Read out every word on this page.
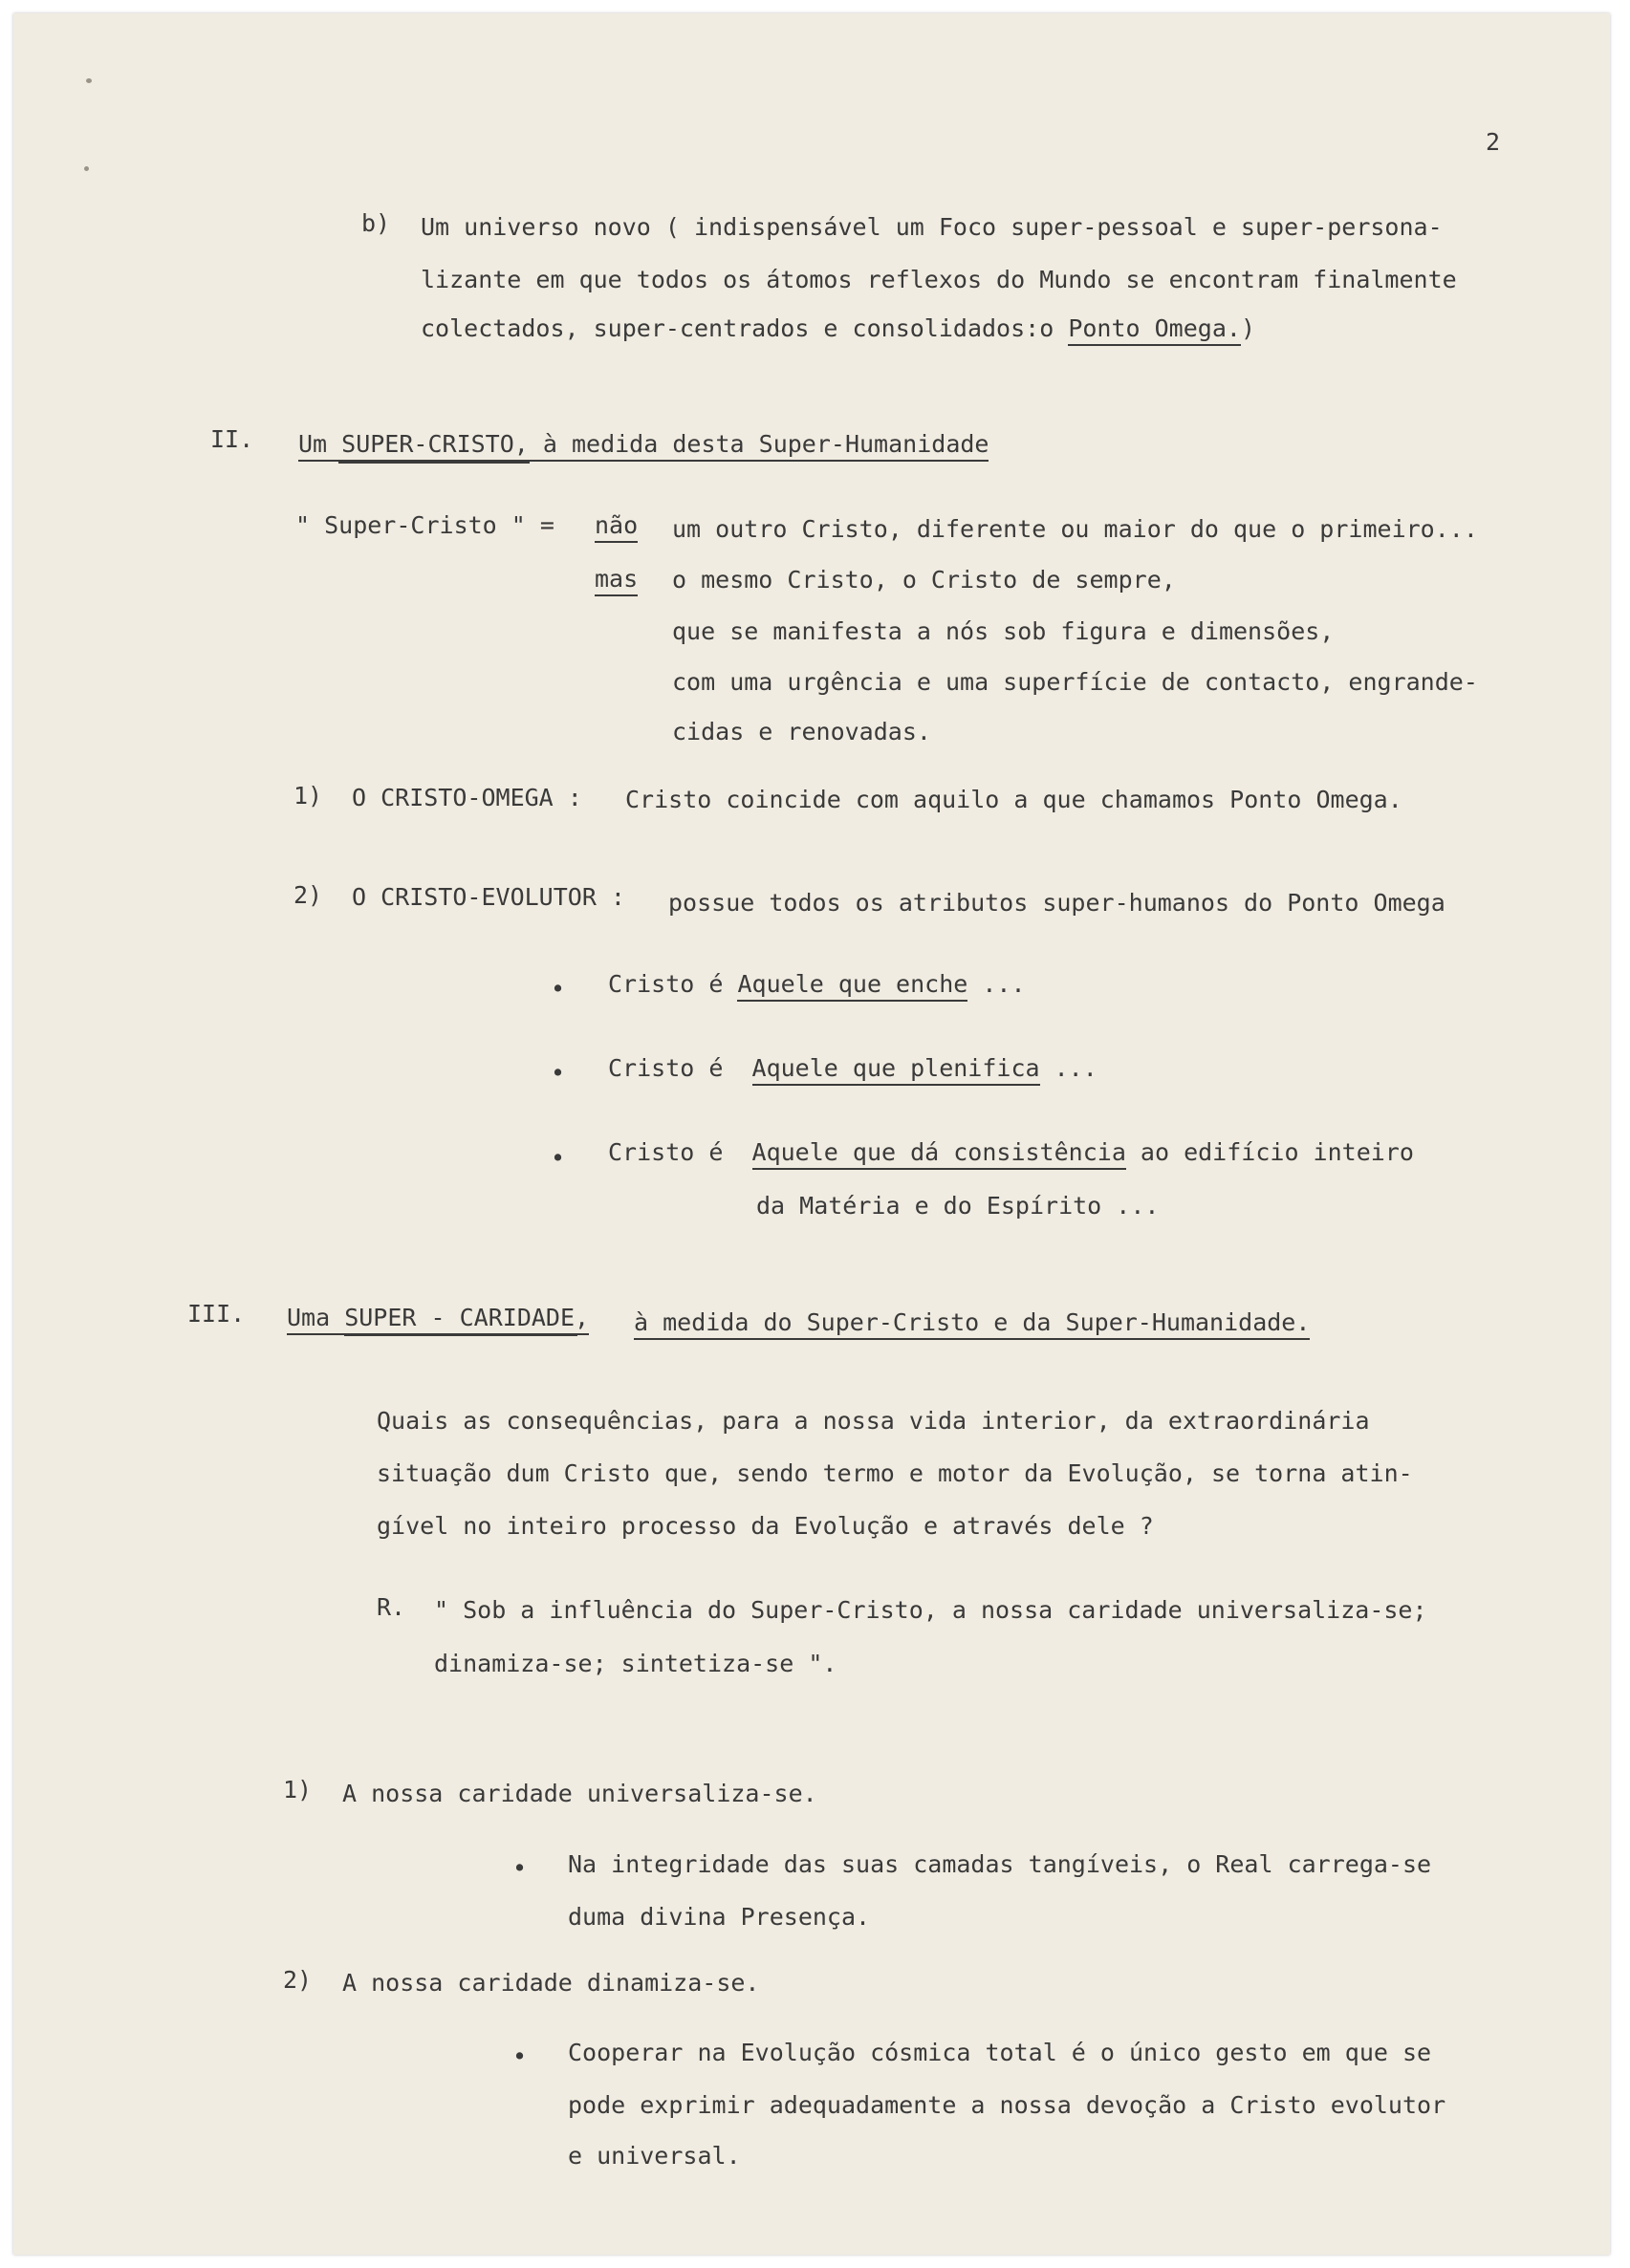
2
b) Um universo novo ( indispensável um Foco super-pessoal e super-persona-
lizante em que todos os átomos reflexos do Mundo se encontram finalmente
colectados, super-centrados e consolidados:o Ponto Omega.)
II. Um SUPER-CRISTO, à medida desta Super-Humanidade
" Super-Cristo " = não um outro Cristo, diferente ou maior do que o primeiro...
mas o mesmo Cristo, o Cristo de sempre,
que se manifesta a nós sob figura e dimensões,
com uma urgência e uma superfície de contacto, engrande-
cidas e renovadas.
1) O CRISTO-OMEGA : Cristo coincide com aquilo a que chamamos Ponto Omega.
2) O CRISTO-EVOLUTOR : possue todos os atributos super-humanos do Ponto Omega
• Cristo é Aquele que enche ...
• Cristo é Aquele que plenifica ...
• Cristo é Aquele que dá consistência ao edifício inteiro
da Matéria e do Espírito ...
III. Uma SUPER - CARIDADE, à medida do Super-Cristo e da Super-Humanidade.
Quais as consequências, para a nossa vida interior, da extraordinária
situação dum Cristo que, sendo termo e motor da Evolução, se torna atin-
gível no inteiro processo da Evolução e através dele ?
R. " Sob a influência do Super-Cristo, a nossa caridade universaliza-se;
dinamiza-se; sintetiza-se ".
1) A nossa caridade universaliza-se.
• Na integridade das suas camadas tangíveis, o Real carrega-se
duma divina Presença.
2) A nossa caridade dinamiza-se.
• Cooperar na Evolução cósmica total é o único gesto em que se
pode exprimir adequadamente a nossa devoção a Cristo evolutor
e universal.
